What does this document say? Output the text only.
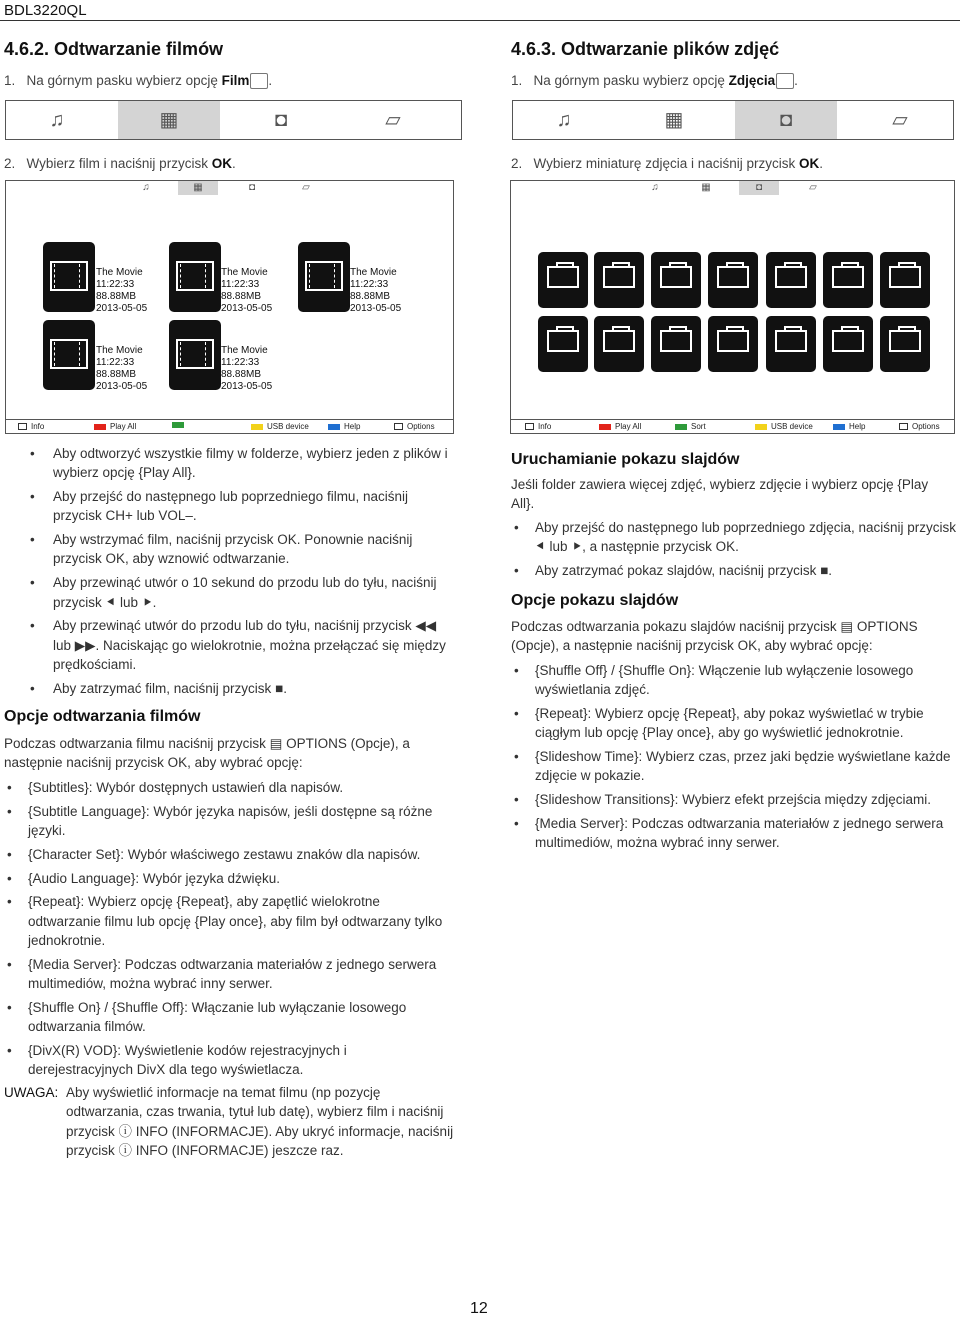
BDL3220QL
4.6.2. Odtwarzanie filmów
1. Na górnym pasku wybierz opcję Film .
♫	▦	◘	▱
2. Wybierz film i naciśnij przycisk OK.
♫	▦	◘	▱
The Movie
11:22:33
88.88MB
2013-05-05
The Movie
11:22:33
88.88MB
2013-05-05
The Movie
11:22:33
88.88MB
2013-05-05
The Movie
11:22:33
88.88MB
2013-05-05
The Movie
11:22:33
88.88MB
2013-05-05
Info	Play All	USB device	Help	Options
• Aby odtworzyć wszystkie filmy w folderze, wybierz jeden z plików i wybierz opcję {Play All}.
• Aby przejść do następnego lub poprzedniego filmu, naciśnij przycisk CH+ lub VOL–.
• Aby wstrzymać film, naciśnij przycisk OK. Ponownie naciśnij przycisk OK, aby wznowić odtwarzanie.
• Aby przewinąć utwór o 10 sekund do przodu lub do tyłu, naciśnij przycisk ⯇ lub ⯈.
• Aby przewinąć utwór do przodu lub do tyłu, naciśnij przycisk ◀◀ lub ▶▶. Naciskając go wielokrotnie, można przełączać się między prędkościami.
• Aby zatrzymać film, naciśnij przycisk ■.
Opcje odtwarzania filmów
Podczas odtwarzania filmu naciśnij przycisk ▤ OPTIONS (Opcje), a następnie naciśnij przycisk OK, aby wybrać opcję:
• {Subtitles}: Wybór dostępnych ustawień dla napisów.
• {Subtitle Language}: Wybór języka napisów, jeśli dostępne są różne języki.
• {Character Set}: Wybór właściwego zestawu znaków dla napisów.
• {Audio Language}: Wybór języka dźwięku.
• {Repeat}: Wybierz opcję {Repeat}, aby zapętlić wielokrotne odtwarzanie filmu lub opcję {Play once}, aby film był odtwarzany tylko jednokrotnie.
• {Media Server}: Podczas odtwarzania materiałów z jednego serwera multimediów, można wybrać inny serwer.
• {Shuffle On} / {Shuffle Off}: Włączanie lub wyłączanie losowego odtwarzania filmów.
• {DivX(R) VOD}: Wyświetlenie kodów rejestracyjnych i derejestracyjnych DivX dla tego wyświetlacza.
UWAGA: Aby wyświetlić informacje na temat filmu (np pozycję odtwarzania, czas trwania, tytuł lub datę), wybierz film i naciśnij przycisk ⓘ INFO (INFORMACJE). Aby ukryć informacje, naciśnij przycisk ⓘ INFO (INFORMACJE) jeszcze raz.
4.6.3. Odtwarzanie plików zdjęć
1. Na górnym pasku wybierz opcję Zdjęcia .
♫	▦	◘	▱
2. Wybierz miniaturę zdjęcia i naciśnij przycisk OK.
♫	▦	◘	▱
Info	Play All	Sort	USB device	Help	Options
Uruchamianie pokazu slajdów
Jeśli folder zawiera więcej zdjęć, wybierz zdjęcie i wybierz opcję {Play All}.
• Aby przejść do następnego lub poprzedniego zdjęcia, naciśnij przycisk ⯇ lub ⯈, a następnie przycisk OK.
• Aby zatrzymać pokaz slajdów, naciśnij przycisk ■.
Opcje pokazu slajdów
Podczas odtwarzania pokazu slajdów naciśnij przycisk ▤ OPTIONS (Opcje), a następnie naciśnij przycisk OK, aby wybrać opcję:
• {Shuffle Off} / {Shuffle On}: Włączenie lub wyłączenie losowego wyświetlania zdjęć.
• {Repeat}: Wybierz opcję {Repeat}, aby pokaz wyświetlać w trybie ciągłym lub opcję {Play once}, aby go wyświetlić jednokrotnie.
• {Slideshow Time}: Wybierz czas, przez jaki będzie wyświetlane każde zdjęcie w pokazie.
• {Slideshow Transitions}: Wybierz efekt przejścia między zdjęciami.
• {Media Server}: Podczas odtwarzania materiałów z jednego serwera multimediów, można wybrać inny serwer.
12
